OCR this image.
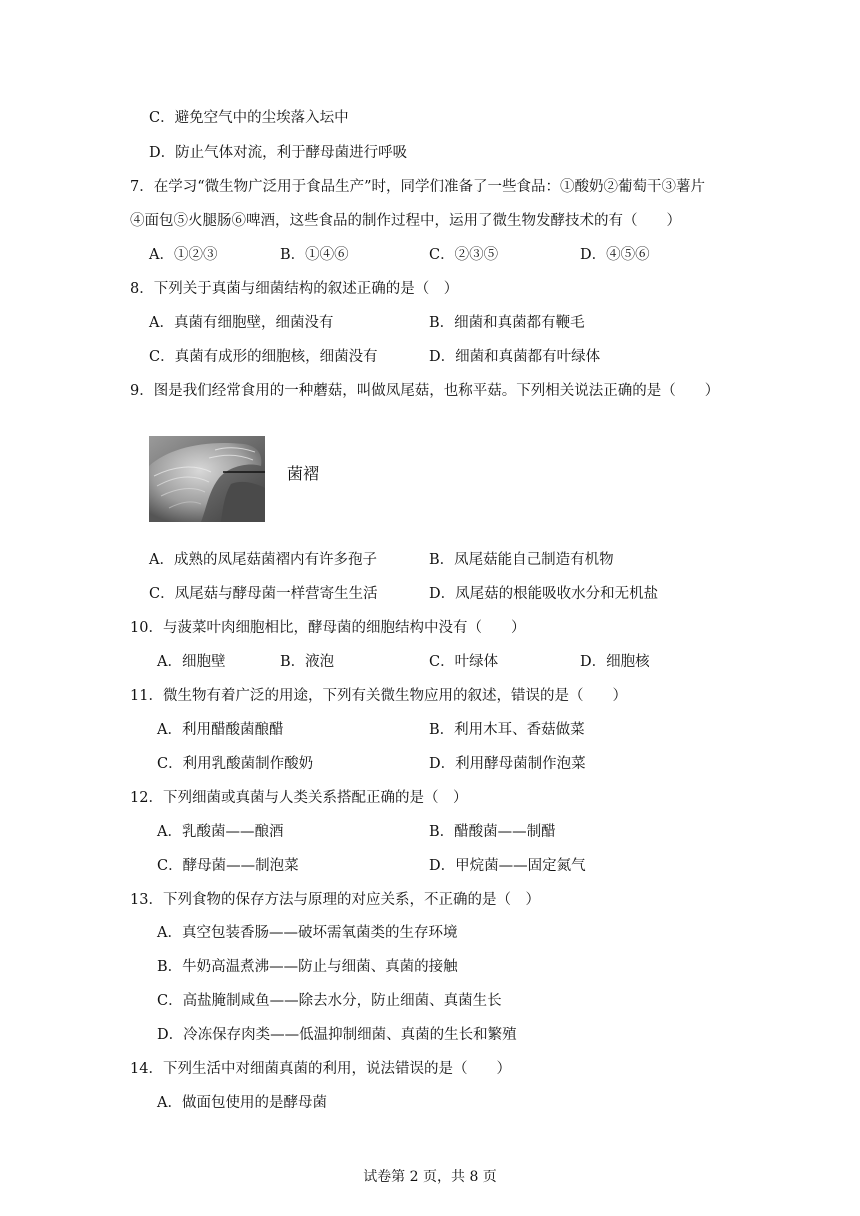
C．避免空气中的尘埃落入坛中
D．防止气体对流，利于酵母菌进行呼吸
7．在学习“微生物广泛用于食品生产”时，同学们准备了一些食品：①酸奶②葡萄干③薯片
④面包⑤火腿肠⑥啤酒，这些食品的制作过程中，运用了微生物发酵技术的有（　　）
A．①②③	B．①④⑥	C．②③⑤	D．④⑤⑥
8．下列关于真菌与细菌结构的叙述正确的是（　）
A．真菌有细胞壁，细菌没有	B．细菌和真菌都有鞭毛
C．真菌有成形的细胞核，细菌没有	D．细菌和真菌都有叶绿体
9．图是我们经常食用的一种蘑菇，叫做凤尾菇，也称平菇。下列相关说法正确的是（　　）
菌褶
A．成熟的凤尾菇菌褶内有许多孢子	B．凤尾菇能自己制造有机物
C．凤尾菇与酵母菌一样营寄生生活	D．凤尾菇的根能吸收水分和无机盐
10．与菠菜叶肉细胞相比，酵母菌的细胞结构中没有（　　）
A．细胞壁	B．液泡	C．叶绿体	D．细胞核
11．微生物有着广泛的用途，下列有关微生物应用的叙述，错误的是（　　）
A．利用醋酸菌酿醋	B．利用木耳、香菇做菜
C．利用乳酸菌制作酸奶	D．利用酵母菌制作泡菜
12．下列细菌或真菌与人类关系搭配正确的是（　）
A．乳酸菌——酿酒	B．醋酸菌——制醋
C．酵母菌——制泡菜	D．甲烷菌——固定氮气
13．下列食物的保存方法与原理的对应关系，不正确的是（　）
A．真空包装香肠——破坏需氧菌类的生存环境
B．牛奶高温煮沸——防止与细菌、真菌的接触
C．高盐腌制咸鱼——除去水分，防止细菌、真菌生长
D．冷冻保存肉类——低温抑制细菌、真菌的生长和繁殖
14．下列生活中对细菌真菌的利用，说法错误的是（　　）
A．做面包使用的是酵母菌
试卷第 2 页，共 8 页
